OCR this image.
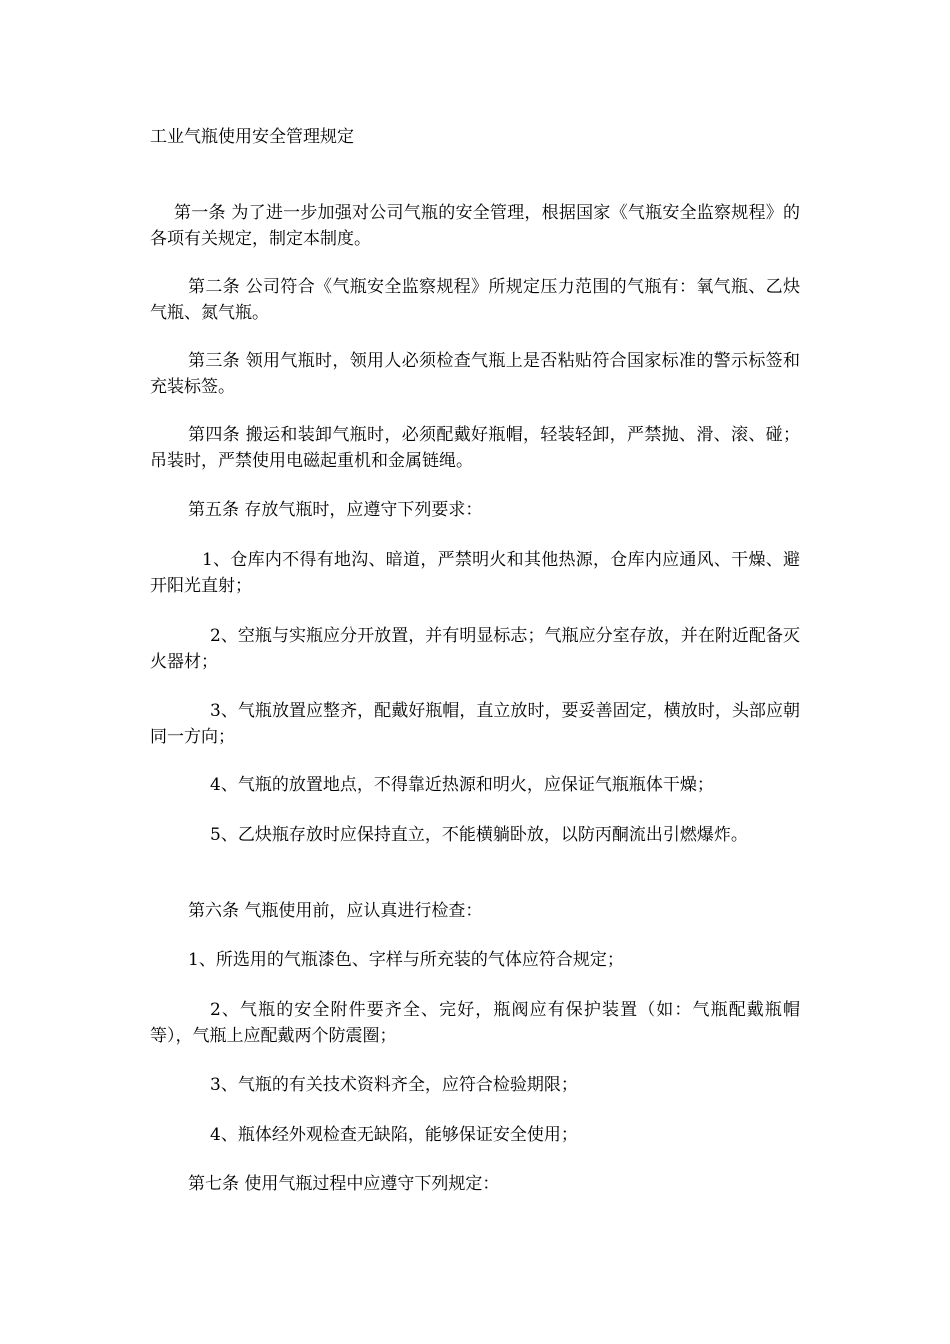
工业气瓶使用安全管理规定

第一条 为了进一步加强对公司气瓶的安全管理，根据国家《气瓶安全监察规程》的各项有关规定，制定本制度。

第二条 公司符合《气瓶安全监察规程》所规定压力范围的气瓶有：氧气瓶、乙炔气瓶、氮气瓶。

第三条 领用气瓶时，领用人必须检查气瓶上是否粘贴符合国家标准的警示标签和充装标签。

第四条 搬运和装卸气瓶时，必须配戴好瓶帽，轻装轻卸，严禁抛、滑、滚、碰；吊装时，严禁使用电磁起重机和金属链绳。

第五条 存放气瓶时，应遵守下列要求：

1、仓库内不得有地沟、暗道，严禁明火和其他热源，仓库内应通风、干燥、避开阳光直射；

2、空瓶与实瓶应分开放置，并有明显标志；气瓶应分室存放，并在附近配备灭火器材；

3、气瓶放置应整齐，配戴好瓶帽，直立放时，要妥善固定，横放时，头部应朝同一方向；

4、气瓶的放置地点，不得靠近热源和明火，应保证气瓶瓶体干燥；

5、乙炔瓶存放时应保持直立，不能横躺卧放，以防丙酮流出引燃爆炸。

第六条 气瓶使用前，应认真进行检查：

1、所选用的气瓶漆色、字样与所充装的气体应符合规定；

2、气瓶的安全附件要齐全、完好，瓶阀应有保护装置（如：气瓶配戴瓶帽等），气瓶上应配戴两个防震圈；

3、气瓶的有关技术资料齐全，应符合检验期限；

4、瓶体经外观检查无缺陷，能够保证安全使用；

第七条 使用气瓶过程中应遵守下列规定：
